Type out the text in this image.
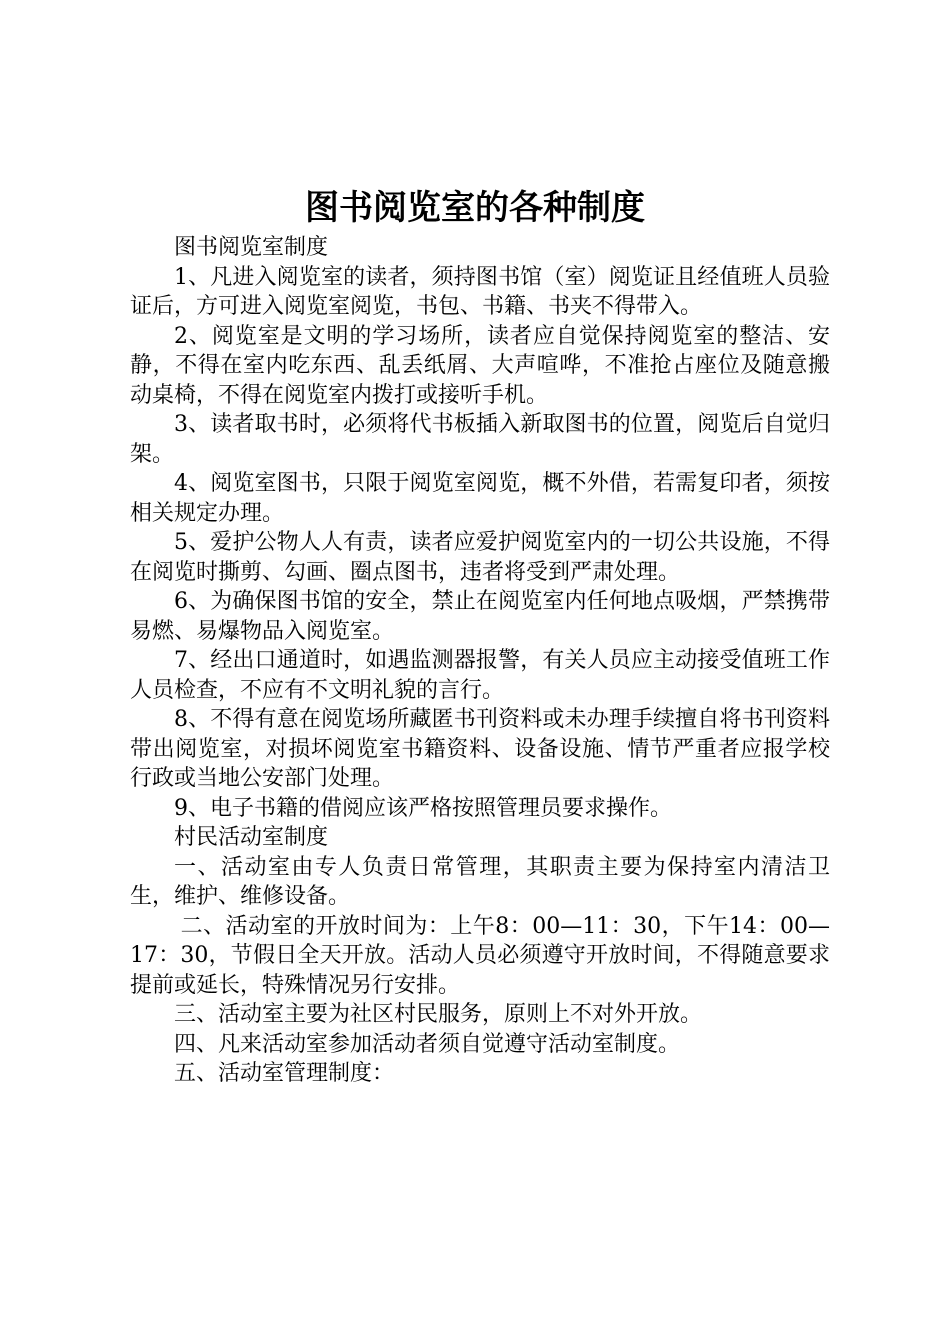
图书阅览室的各种制度

图书阅览室制度

1、凡进入阅览室的读者，须持图书馆（室）阅览证且经值班人员验证后，方可进入阅览室阅览，书包、书籍、书夹不得带入。

2、阅览室是文明的学习场所，读者应自觉保持阅览室的整洁、安静，不得在室内吃东西、乱丢纸屑、大声喧哗，不准抢占座位及随意搬动桌椅，不得在阅览室内拨打或接听手机。

3、读者取书时，必须将代书板插入新取图书的位置，阅览后自觉归架。

4、阅览室图书，只限于阅览室阅览，概不外借，若需复印者，须按相关规定办理。

5、爱护公物人人有责，读者应爱护阅览室内的一切公共设施，不得在阅览时撕剪、勾画、圈点图书，违者将受到严肃处理。

6、为确保图书馆的安全，禁止在阅览室内任何地点吸烟，严禁携带易燃、易爆物品入阅览室。

7、经出口通道时，如遇监测器报警，有关人员应主动接受值班工作人员检查，不应有不文明礼貌的言行。

8、不得有意在阅览场所藏匿书刊资料或未办理手续擅自将书刊资料带出阅览室，对损坏阅览室书籍资料、设备设施、情节严重者应报学校行政或当地公安部门处理。

9、电子书籍的借阅应该严格按照管理员要求操作。

村民活动室制度

一、活动室由专人负责日常管理，其职责主要为保持室内清洁卫生，维护、维修设备。

二、活动室的开放时间为：上午8：00—11：30，下午14：00—17：30，节假日全天开放。活动人员必须遵守开放时间，不得随意要求提前或延长，特殊情况另行安排。

三、活动室主要为社区村民服务，原则上不对外开放。

四、凡来活动室参加活动者须自觉遵守活动室制度。

五、活动室管理制度：
